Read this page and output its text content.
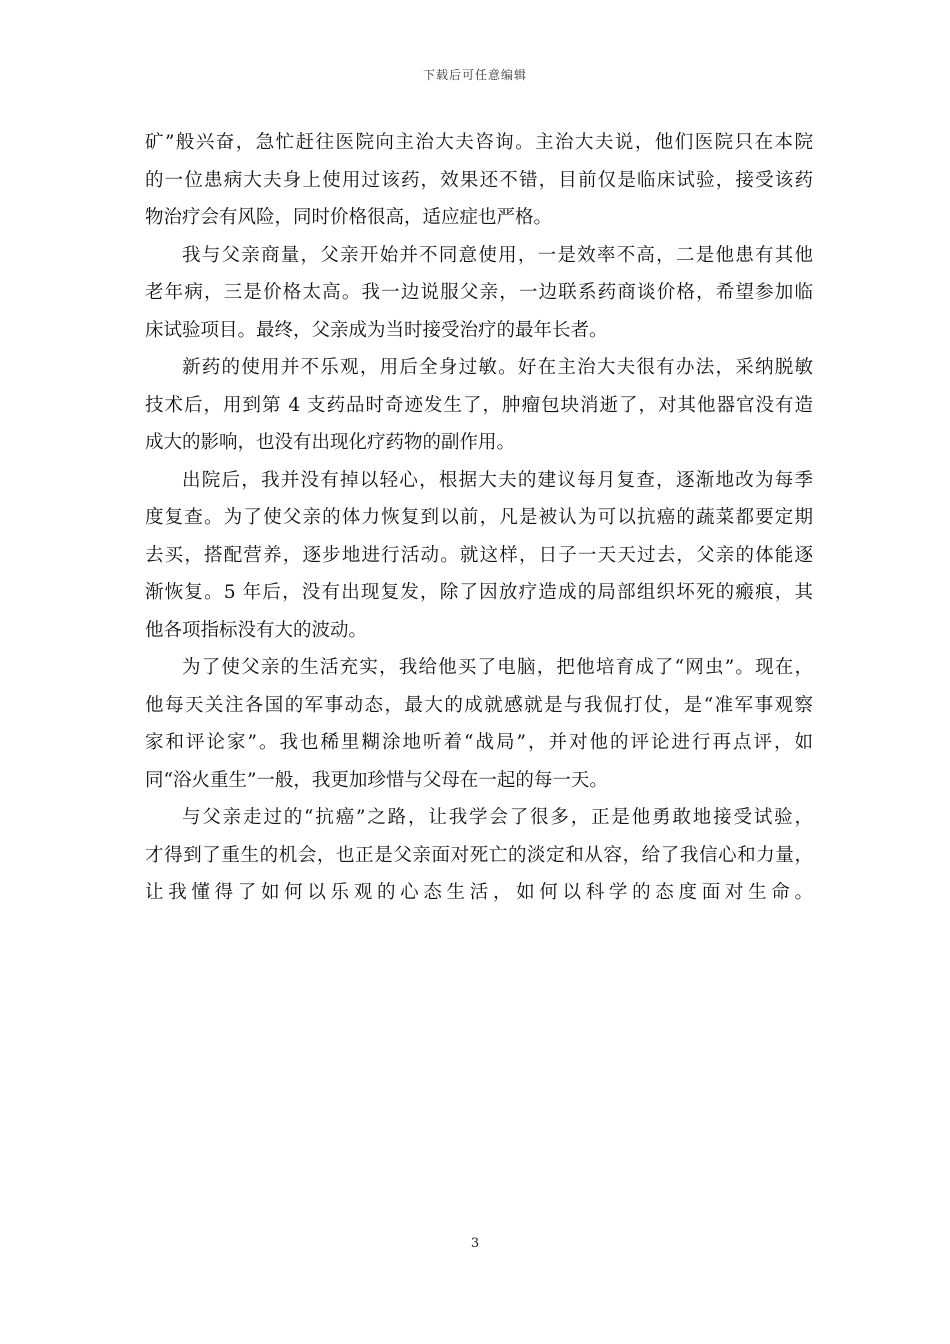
下载后可任意编辑
矿”般兴奋，急忙赶往医院向主治大夫咨询。主治大夫说，他们医院只在本院
的一位患病大夫身上使用过该药，效果还不错，目前仅是临床试验，接受该药
物治疗会有风险，同时价格很高，适应症也严格。
我与父亲商量，父亲开始并不同意使用，一是效率不高，二是他患有其他
老年病，三是价格太高。我一边说服父亲，一边联系药商谈价格，希望参加临
床试验项目。最终，父亲成为当时接受治疗的最年长者。
新药的使用并不乐观，用后全身过敏。好在主治大夫很有办法，采纳脱敏
技术后，用到第 4 支药品时奇迹发生了，肿瘤包块消逝了，对其他器官没有造
成大的影响，也没有出现化疗药物的副作用。
出院后，我并没有掉以轻心，根据大夫的建议每月复查，逐渐地改为每季
度复查。为了使父亲的体力恢复到以前，凡是被认为可以抗癌的蔬菜都要定期
去买，搭配营养，逐步地进行活动。就这样，日子一天天过去，父亲的体能逐
渐恢复。5 年后，没有出现复发，除了因放疗造成的局部组织坏死的瘢痕，其
他各项指标没有大的波动。
为了使父亲的生活充实，我给他买了电脑，把他培育成了“网虫”。现在，
他每天关注各国的军事动态，最大的成就感就是与我侃打仗，是“准军事观察
家和评论家”。我也稀里糊涂地听着“战局”，并对他的评论进行再点评，如
同“浴火重生”一般，我更加珍惜与父母在一起的每一天。
与父亲走过的“抗癌”之路，让我学会了很多，正是他勇敢地接受试验，
才得到了重生的机会，也正是父亲面对死亡的淡定和从容，给了我信心和力量，
让我懂得了如何以乐观的心态生活，如何以科学的态度面对生命。
3
